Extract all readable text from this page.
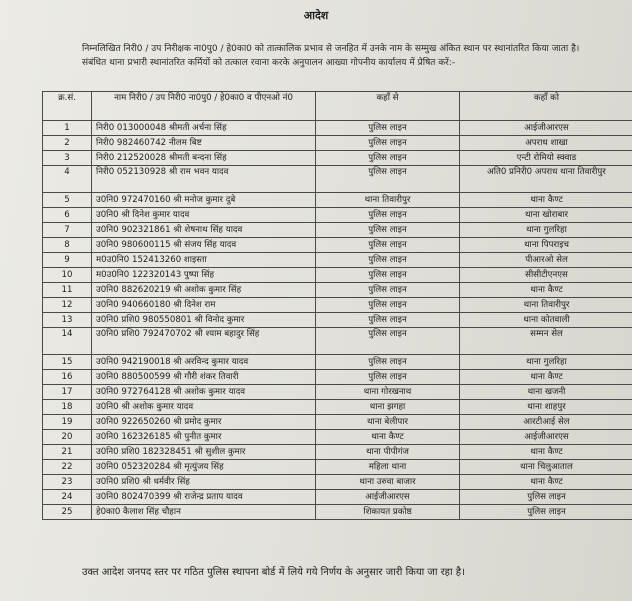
आदेश
निम्नलिखित निरी0 / उप निरीक्षक ना0पु0 / हे0का0 को तात्कालिक प्रभाव से जनहित में उनके नाम के सम्मुख अंकित स्थान पर स्थानांतरित किया जाता है। संबंधित थाना प्रभारी स्थानांतरित कर्मियों को तत्काल रवाना करके अनुपालन आख्या गोपनीय कार्यालय में प्रेषित करें:-
क्र.सं.	नाम निरी0 / उप निरी0 ना0पु0 / हे0का0 व पीएनओ नं0	कहाँ से	कहाँ को
1	निरी0 013000048 श्रीमती अर्चना सिंह	पुलिस लाइन	आईजीआरएस
2	निरी0 982460742 नीलम बिष्ट	पुलिस लाइन	अपराध शाखा
3	निरी0 212520028 श्रीमती बन्दना सिंह	पुलिस लाइन	एन्टी रोमियो स्क्वाड
4	निरी0 052130928 श्री राम भवन यादव	पुलिस लाइन	अति0 प्रनिरी0 अपराध थाना तिवारीपुर
5	उ0नि0 972470160 श्री मनोज कुमार दुबे	थाना तिवारीपुर	थाना कैण्ट
6	उ0नि0 श्री दिनेश कुमार यादव	पुलिस लाइन	थाना खोराबार
7	उ0नि0 902321861 श्री शेषनाथ सिंह यादव	पुलिस लाइन	थाना गुलरिहा
8	उ0नि0 980600115 श्री संजय सिंह यादव	पुलिस लाइन	थाना पिपराइच
9	म0उ0नि0 152413260 शाइस्ता	पुलिस लाइन	पीआरओ सेल
10	म0उ0नि0 122320143 पुष्पा सिंह	पुलिस लाइन	सीसीटीएनएस
11	उ0नि0 882620219 श्री अशोक कुमार सिंह	पुलिस लाइन	थाना कैण्ट
12	उ0नि0 940660180 श्री दिनेश राम	पुलिस लाइन	थाना तिवारीपुर
13	उ0नि0 प्रशि0 980550801 श्री विनोद कुमार	पुलिस लाइन	थाना कोतवाली
14	उ0नि0 प्रशि0 792470702 श्री श्याम बहादुर सिंह	पुलिस लाइन	सम्मन सेल
15	उ0नि0 942190018 श्री अरविन्द कुमार यादव	पुलिस लाइन	थाना गुलरिहा
16	उ0नि0 880500599 श्री गौरी शंकर तिवारी	पुलिस लाइन	थाना कैण्ट
17	उ0नि0 972764128 श्री अशोक कुमार यादव	थाना गोरखनाथ	थाना खजनी
18	उ0नि0 श्री अशोक कुमार यादव	थाना झगहा	थाना शाहपुर
19	उ0नि0 922650260 श्री प्रमोद कुमार	थाना बेलीपार	आरटीआई सेल
20	उ0नि0 162326185 श्री पुनीत कुमार	थाना कैण्ट	आईजीआरएस
21	उ0नि0 प्रशि0 182328451 श्री सुशील कुमार	थाना पीपीगंज	थाना कैण्ट
22	उ0नि0 052320284 श्री मृत्युंजय सिंह	महिला थाना	थाना चिलुआताल
23	उ0नि0 प्रशि0 श्री धर्मवीर सिंह	थाना उरुवा बाजार	थाना कैण्ट
24	उ0नि0 802470399 श्री राजेन्द्र प्रताप यादव	आईजीआरएस	पुलिस लाइन
25	हे0का0 कैलाश सिंह चौहान	शिकायत प्रकोष्ठ	पुलिस लाइन
उक्त आदेश जनपद स्तर पर गठित पुलिस स्थापना बोर्ड में लिये गये निर्णय के अनुसार जारी किया जा रहा है।
